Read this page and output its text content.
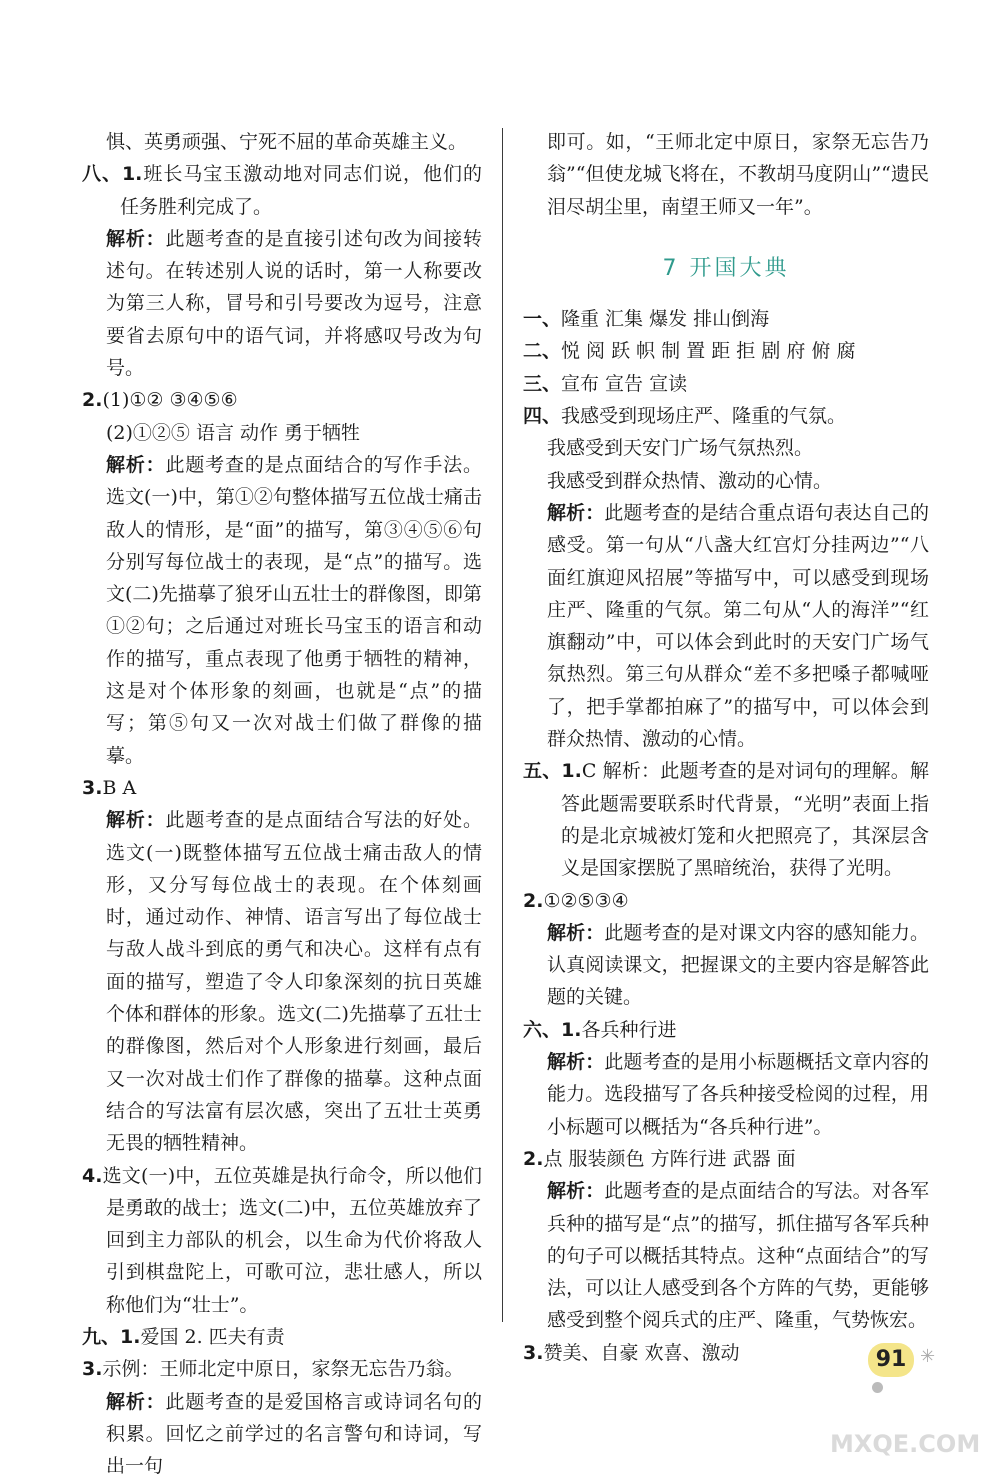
惧、英勇顽强、宁死不屈的革命英雄主义。

八、1.班长马宝玉激动地对同志们说，他们的任务胜利完成了。

解析：此题考查的是直接引述句改为间接转述句。在转述别人说的话时，第一人称要改为第三人称，冒号和引号要改为逗号，注意要省去原句中的语气词，并将感叹号改为句号。

2.(1)①② ③④⑤⑥

(2)①②⑤ 语言 动作 勇于牺牲

解析：此题考查的是点面结合的写作手法。选文(一)中，第①②句整体描写五位战士痛击敌人的情形，是“面”的描写，第③④⑤⑥句分别写每位战士的表现，是“点”的描写。选文(二)先描摹了狼牙山五壮士的群像图，即第①②句；之后通过对班长马宝玉的语言和动作的描写，重点表现了他勇于牺牲的精神，这是对个体形象的刻画，也就是“点”的描写；第⑤句又一次对战士们做了群像的描摹。

3.B A

解析：此题考查的是点面结合写法的好处。选文(一)既整体描写五位战士痛击敌人的情形，又分写每位战士的表现。在个体刻画时，通过动作、神情、语言写出了每位战士与敌人战斗到底的勇气和决心。这样有点有面的描写，塑造了令人印象深刻的抗日英雄个体和群体的形象。选文(二)先描摹了五壮士的群像图，然后对个人形象进行刻画，最后又一次对战士们作了群像的描摹。这种点面结合的写法富有层次感，突出了五壮士英勇无畏的牺牲精神。

4.选文(一)中，五位英雄是执行命令，所以他们是勇敢的战士；选文(二)中，五位英雄放弃了回到主力部队的机会，以生命为代价将敌人引到棋盘陀上，可歌可泣，悲壮感人，所以称他们为“壮士”。

九、1.爱国 2. 匹夫有责

3.示例：王师北定中原日，家祭无忘告乃翁。

解析：此题考查的是爱国格言或诗词名句的积累。回忆之前学过的名言警句和诗词，写出一句

即可。如，“王师北定中原日，家祭无忘告乃翁”“但使龙城飞将在，不教胡马度阴山”“遗民泪尽胡尘里，南望王师又一年”。

7 开国大典

一、隆重 汇集 爆发 排山倒海

二、悦 阅 跃 帜 制 置 距 拒 剧 府 俯 腐

三、宣布 宣告 宣读

四、我感受到现场庄严、隆重的气氛。

我感受到天安门广场气氛热烈。

我感受到群众热情、激动的心情。

解析：此题考查的是结合重点语句表达自己的感受。第一句从“八盏大红宫灯分挂两边”“八面红旗迎风招展”等描写中，可以感受到现场庄严、隆重的气氛。第二句从“人的海洋”“红旗翻动”中，可以体会到此时的天安门广场气氛热烈。第三句从群众“差不多把嗓子都喊哑了，把手掌都拍麻了”的描写中，可以体会到群众热情、激动的心情。

五、1.C 解析：此题考查的是对词句的理解。解答此题需要联系时代背景，“光明”表面上指的是北京城被灯笼和火把照亮了，其深层含义是国家摆脱了黑暗统治，获得了光明。

2.①②⑤③④

解析：此题考查的是对课文内容的感知能力。认真阅读课文，把握课文的主要内容是解答此题的关键。

六、1.各兵种行进

解析：此题考查的是用小标题概括文章内容的能力。选段描写了各兵种接受检阅的过程，用小标题可以概括为“各兵种行进”。

2.点 服装颜色 方阵行进 武器 面

解析：此题考查的是点面结合的写法。对各军兵种的描写是“点”的描写，抓住描写各军兵种的句子可以概括其特点。这种“点面结合”的写法，可以让人感受到各个方阵的气势，更能够感受到整个阅兵式的庄严、隆重，气势恢宏。

3.赞美、自豪 欢喜、激动	91 ✳
MXQE.COM
